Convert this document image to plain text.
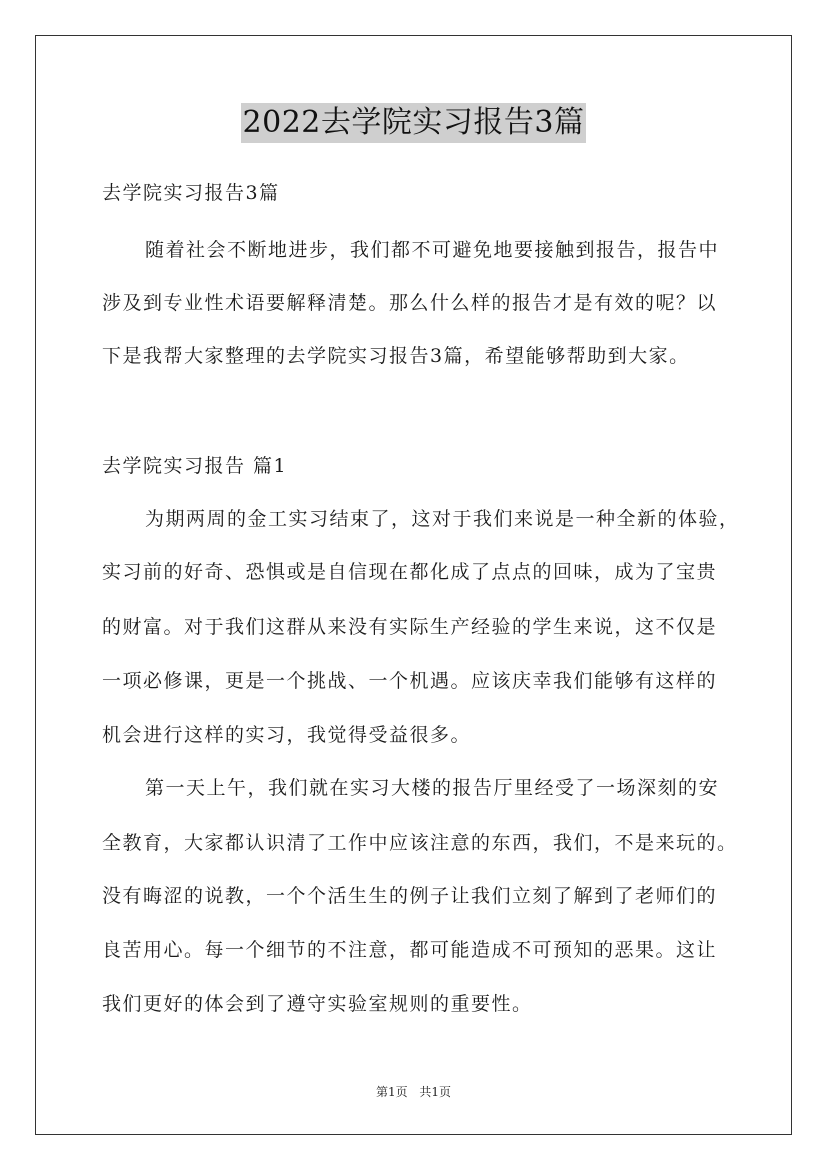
2022去学院实习报告3篇
去学院实习报告3篇
随着社会不断地进步，我们都不可避免地要接触到报告，报告中
涉及到专业性术语要解释清楚。那么什么样的报告才是有效的呢？以
下是我帮大家整理的去学院实习报告3篇，希望能够帮助到大家。
去学院实习报告 篇1
为期两周的金工实习结束了，这对于我们来说是一种全新的体验，
实习前的好奇、恐惧或是自信现在都化成了点点的回味，成为了宝贵
的财富。对于我们这群从来没有实际生产经验的学生来说，这不仅是
一项必修课，更是一个挑战、一个机遇。应该庆幸我们能够有这样的
机会进行这样的实习，我觉得受益很多。
第一天上午，我们就在实习大楼的报告厅里经受了一场深刻的安
全教育，大家都认识清了工作中应该注意的东西，我们，不是来玩的。
没有晦涩的说教，一个个活生生的例子让我们立刻了解到了老师们的
良苦用心。每一个细节的不注意，都可能造成不可预知的恶果。这让
我们更好的体会到了遵守实验室规则的重要性。
第1页 共1页
